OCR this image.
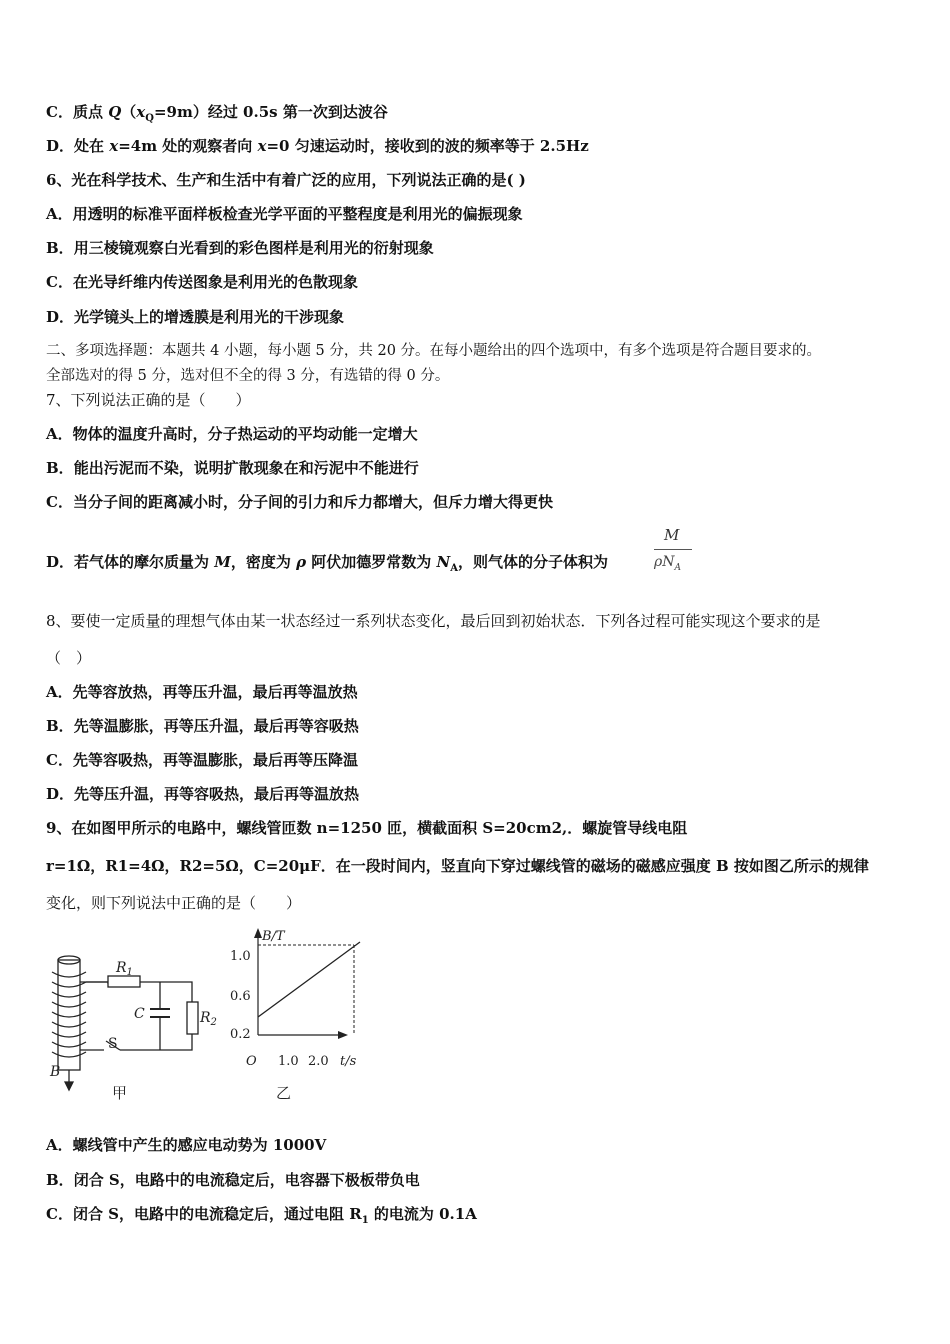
C．质点 $Q(x_Q=9m)$经过 0.5s 第一次到达波谷
D．处在 x=4m 处的观察者向 x=0 匀速运动时，接收到的波的频率等于 2.5Hz
6、光在科学技术、生产和生活中有着广泛的应用，下列说法正确的是( )
A．用透明的标准平面样板检查光学平面的平整程度是利用光的偏振现象
B．用三棱镜观察白光看到的彩色图样是利用光的衍射现象
C．在光导纤维内传送图象是利用光的色散现象
D．光学镜头上的增透膜是利用光的干涉现象
二、多项选择题：本题共 4 小题，每小题 5 分，共 20 分。在每小题给出的四个选项中，有多个选项是符合题目要求的。
全部选对的得 5 分，选对但不全的得 3 分，有选错的得 0 分。
7、下列说法正确的是（　　）
A．物体的温度升高时，分子热运动的平均动能一定增大
B．能出污泥而不染，说明扩散现象在和污泥中不能进行
C．当分子间的距离减小时，分子间的引力和斥力都增大，但斥力增大得更快
D．若气体的摩尔质量为 M，密度为 ρ 阿伏加德罗常数为 $N_A$，则气体的分子体积为
M
$\rho N_A$
8、要使一定质量的理想气体由某一状态经过一系列状态变化，最后回到初始状态．下列各过程可能实现这个要求的是
（　）
A．先等容放热，再等压升温，最后再等温放热
B．先等温膨胀，再等压升温，最后再等容吸热
C．先等容吸热，再等温膨胀，最后再等压降温
D．先等压升温，再等容吸热，最后再等温放热
9、在如图甲所示的电路中，螺线管匝数 n=1250 匝，横截面积 S=20cm2,．螺旋管导线电阻
r=1Ω，R1=4Ω，R2=5Ω，C=20μF．在一段时间内，竖直向下穿过螺线管的磁场的磁感应强度 B 按如图乙所示的规律
变化，则下列说法中正确的是（　　）
$R_1$
C	$R_2$
S
B
甲
B/T
t/s
O
1.0
0.6
0.2
1.0 2.0
乙
A．螺线管中产生的感应电动势为 1000V
B．闭合 S，电路中的电流稳定后，电容器下极板带负电
C．闭合 S，电路中的电流稳定后，通过电阻 $R_1$ 的电流为 0.1A
